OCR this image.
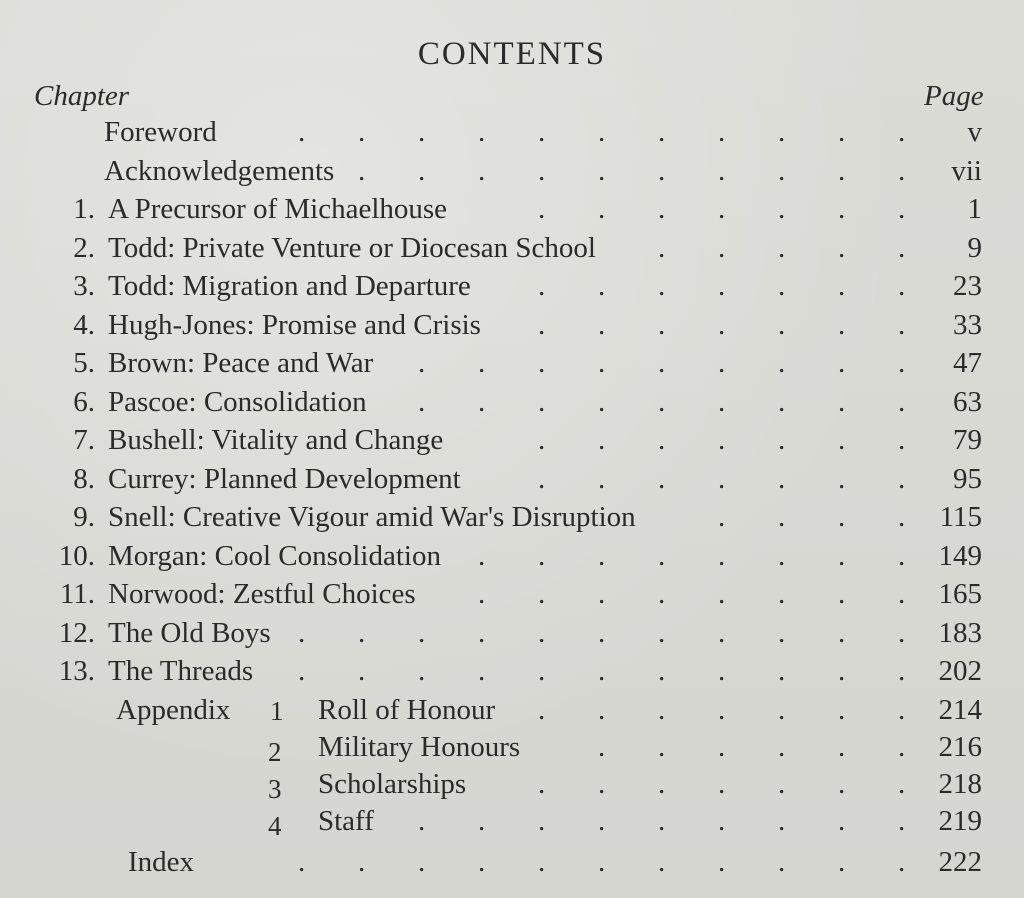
CONTENTS
Chapter	Page
Foreword	. . . . . . . . . . . v
Acknowledgements . . . . . . . . . . vii
1. A Precursor of Michaelhouse	. . . . . . . 1
2. Todd: Private Venture or Diocesan School . . . . . 9
3. Todd: Migration and Departure . . . . . . . 23
4. Hugh-Jones: Promise and Crisis . . . . . . . 33
5. Brown: Peace and War . . . . . . . . . 47
6. Pascoe: Consolidation . . . . . . . . . 63
7. Bushell: Vitality and Change	. . . . . . . 79
8. Currey: Planned Development	. . . . . . . 95
9. Snell: Creative Vigour amid War's Disruption	. . . . 115
10. Morgan: Cool Consolidation . . . . . . . . 149
11. Norwood: Zestful Choices . . . . . . . . 165
12. The Old Boys . . . . . . . . . . . 183
13. The Threads . . . . . . . . . . . 202
Appendix 1 Roll of Honour . . . . . . . 214
2 Military Honours	. . . . . . 216
3 Scholarships . . . . . . . 218
4 Staff . . . . . . . . . 219
Index	. . . . . . . . . . . 222
